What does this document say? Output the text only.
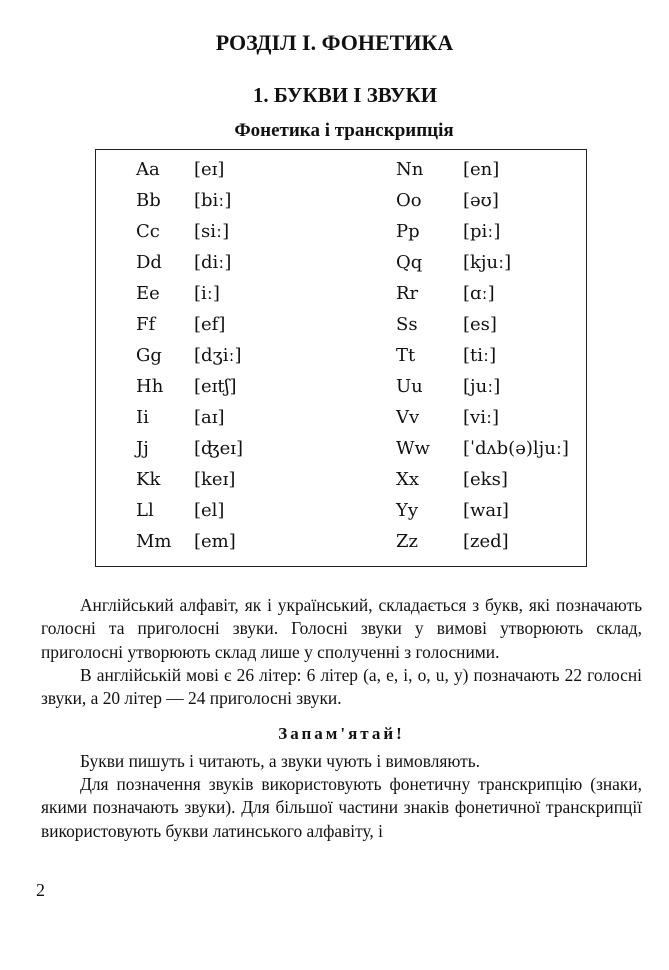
РОЗДІЛ І. ФОНЕТИКА
1. БУКВИ І ЗВУКИ
Фонетика і транскрипція
Aa [eɪ]	Nn [en]
Bb [biː]	Oo [əʊ]
Cc [siː]	Pp [piː]
Dd [diː]	Qq [kjuː]
Ee [iː]	Rr [ɑː]
Ff [ef]	Ss	[es]
Gg [dʒiː]	Tt	[tiː]
Hh [eɪtʃ]	Uu [juː]
Ii	[aɪ]	Vv [viː]
Jj	[ʤeɪ]	Ww [ˈdʌb(ə)ljuː]
Kk [keɪ]	Xx [eks]
Ll [el]	Yy [waɪ]
Mm [em]	Zz	[zed]

Англійський алфавіт, як і український, складається з букв, які позначають голосні та приголосні звуки. Голосні звуки у вимові утворюють склад, приголосні утворюють склад лише у сполученні з голосними.

В англійській мові є 26 літер: 6 літер (a, e, i, o, u, y) позначають 22 голосні звуки, а 20 літер — 24 приголосні звуки.

Запам'ятай!

Букви пишуть і читають, а звуки чують і вимовляють.

Для позначення звуків використовують фонетичну транскрипцію (знаки, якими позначають звуки). Для більшої частини знаків фонетичної транскрипції використовують букви латинського алфавіту, і

2
